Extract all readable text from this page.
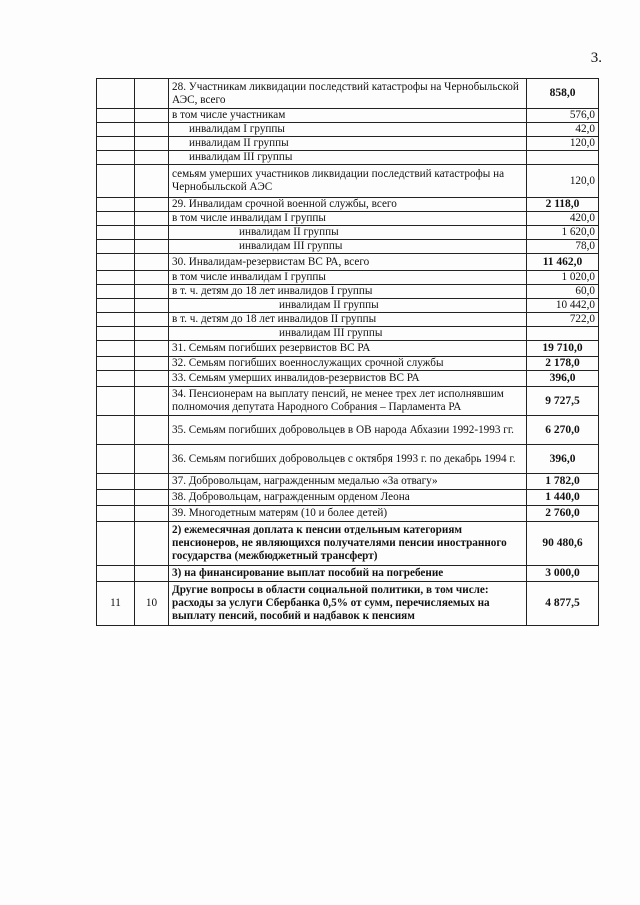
3.
		28. Участникам ликвидации последствий катастрофы на Чернобыльской АЭС, всего	858,0
		в том числе участникам	576,0
		инвалидам I группы	42,0
		инвалидам II группы	120,0
		инвалидам III группы	
		семьям умерших участников ликвидации последствий катастрофы на Чернобыльской АЭС	120,0
		29. Инвалидам срочной военной службы, всего	2 118,0
		в том числе инвалидам I группы	420,0
		инвалидам II группы	1 620,0
		инвалидам III группы	78,0
		30. Инвалидам-резервистам ВС РА, всего	11 462,0
		в том числе инвалидам I группы	1 020,0
		в т. ч. детям до 18 лет инвалидов I группы	60,0
		инвалидам II группы	10 442,0
		в т. ч. детям до 18 лет инвалидов II группы	722,0
		инвалидам III группы	
		31. Семьям погибших резервистов ВС РА	19 710,0
		32. Семьям погибших военнослужащих срочной службы	2 178,0
		33. Семьям умерших инвалидов-резервистов ВС РА	396,0
		34. Пенсионерам на выплату пенсий, не менее трех лет исполнявшим полномочия депутата Народного Собрания – Парламента РА	9 727,5
		35. Семьям погибших добровольцев в ОВ народа Абхазии 1992-1993 гг.	6 270,0
		36. Семьям погибших добровольцев с октября 1993 г. по декабрь 1994 г.	396,0
		37. Добровольцам, награжденным медалью «За отвагу»	1 782,0
		38. Добровольцам, награжденным орденом Леона	1 440,0
		39. Многодетным матерям (10 и более детей)	2 760,0
		2) ежемесячная доплата к пенсии отдельным категориям пенсионеров, не являющихся получателями пенсии иностранного государства (межбюджетный трансферт)	90 480,6
		3) на финансирование выплат пособий на погребение	3 000,0
11	10	Другие вопросы в области социальной политики, в том числе: расходы за услуги Сбербанка 0,5% от сумм, перечисляемых на выплату пенсий, пособий и надбавок к пенсиям	4 877,5
